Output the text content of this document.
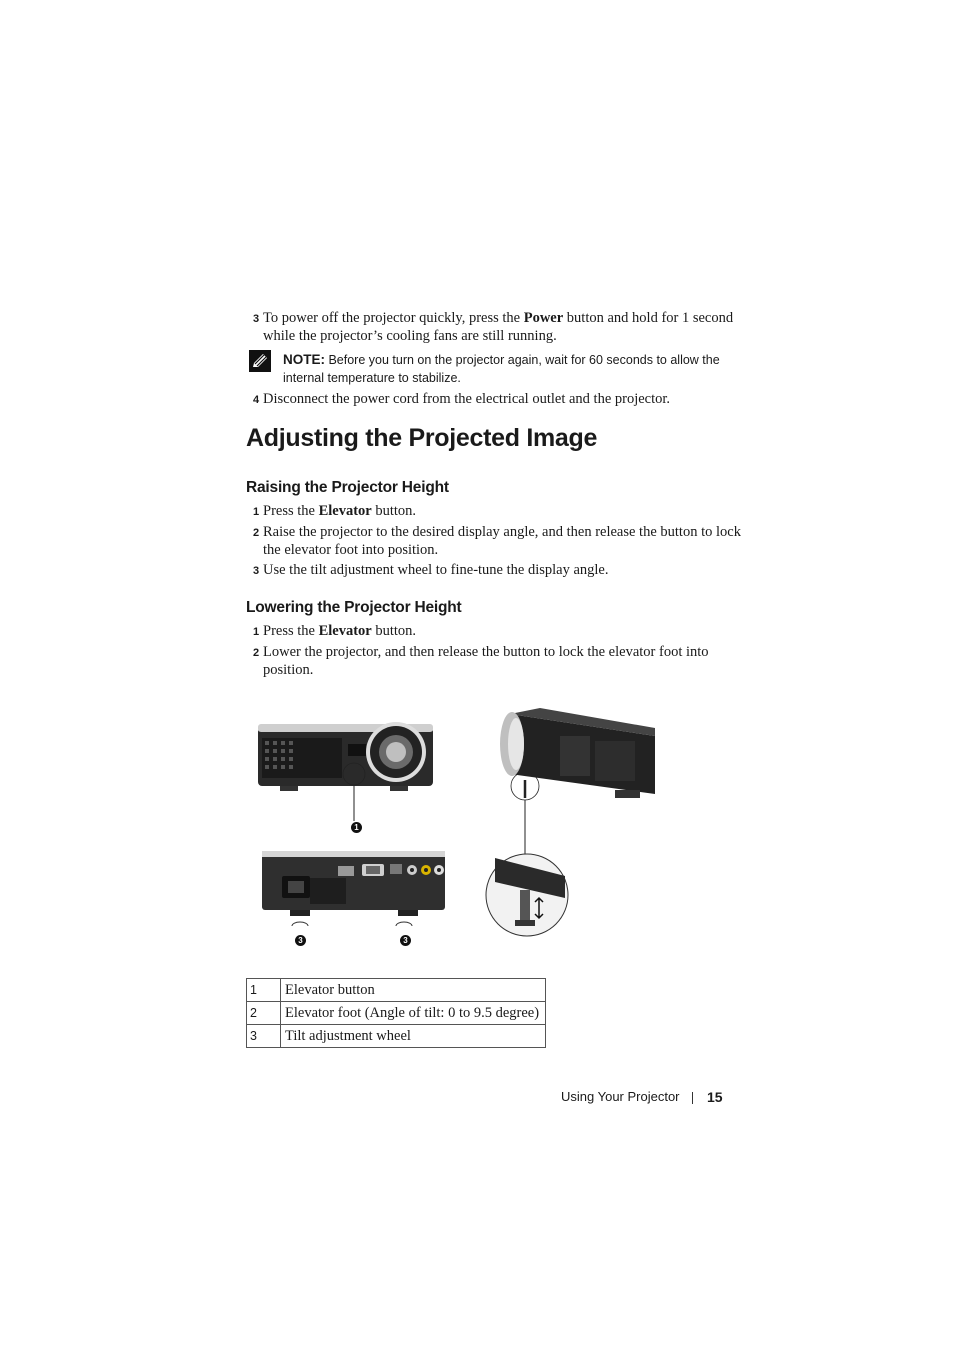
3 To power off the projector quickly, press the Power button and hold for 1 second while the projector’s cooling fans are still running.
NOTE: Before you turn on the projector again, wait for 60 seconds to allow the internal temperature to stabilize.
4 Disconnect the power cord from the electrical outlet and the projector.
Adjusting the Projected Image
Raising the Projector Height
1 Press the Elevator button.
2 Raise the projector to the desired display angle, and then release the button to lock the elevator foot into position.
3 Use the tilt adjustment wheel to fine-tune the display angle.
Lowering the Projector Height
1 Press the Elevator button.
2 Lower the projector, and then release the button to lock the elevator foot into position.
1
3	3
1	Elevator button
2	Elevator foot (Angle of tilt: 0 to 9.5 degree)
3	Tilt adjustment wheel
Using Your Projector 15
